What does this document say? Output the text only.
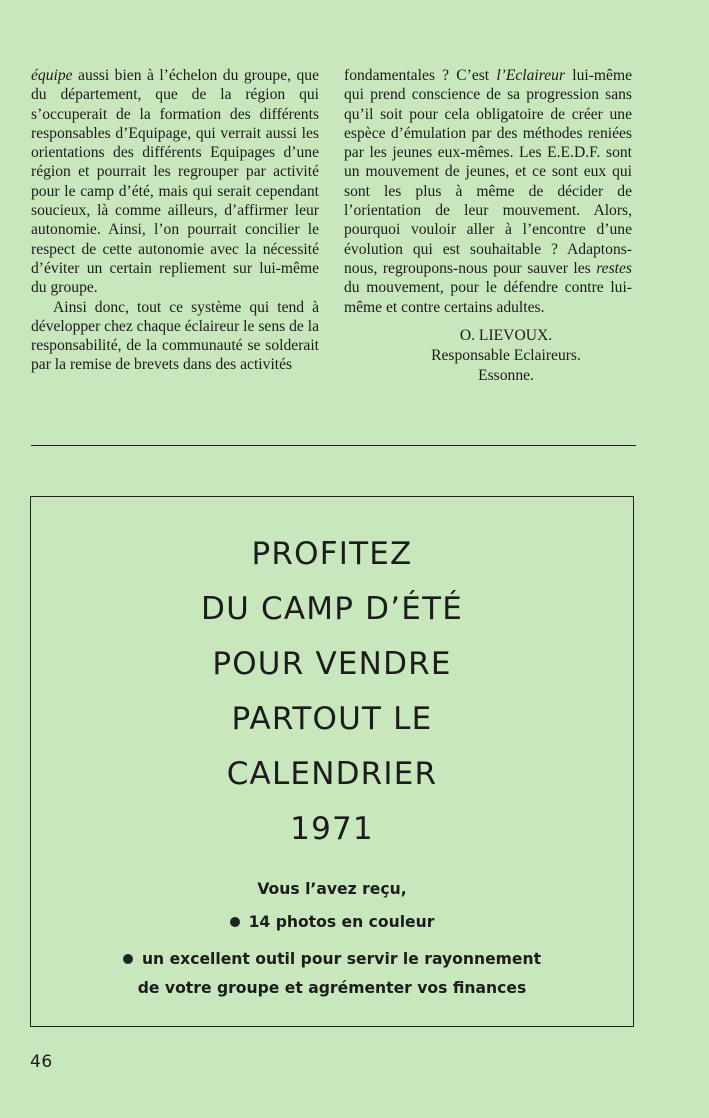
équipe aussi bien à l’échelon du groupe, que du département, que de la région qui s’occuperait de la formation des différents responsables d’Equipage, qui verrait aussi les orientations des différents Equipages d’une région et pourrait les regrouper par activité pour le camp d’été, mais qui serait cependant soucieux, là comme ailleurs, d’affirmer leur autonomie. Ainsi, l’on pourrait concilier le respect de cette autonomie avec la nécessité d’éviter un certain repliement sur lui-même du groupe.

Ainsi donc, tout ce système qui tend à développer chez chaque éclaireur le sens de la responsabilité, de la communauté se solderait par la remise de brevets dans des activités

fondamentales ? C’est l’Eclaireur lui-même qui prend conscience de sa progression sans qu’il soit pour cela obligatoire de créer une espèce d’émulation par des méthodes reniées par les jeunes eux-mêmes. Les E.E.D.F. sont un mouvement de jeunes, et ce sont eux qui sont les plus à même de décider de l’orientation de leur mouvement. Alors, pourquoi vouloir aller à l’encontre d’une évolution qui est souhaitable ? Adaptons-nous, regroupons-nous pour sauver les restes du mouvement, pour le défendre contre lui-même et contre certains adultes.

O. LIEVOUX.
Responsable Eclaireurs.
Essonne.
PROFITEZ
DU CAMP D’ÉTÉ
POUR VENDRE
PARTOUT LE
CALENDRIER
1971
Vous l’avez reçu,
14 photos en couleur
un excellent outil pour servir le rayonnement
de votre groupe et agrémenter vos finances
46
